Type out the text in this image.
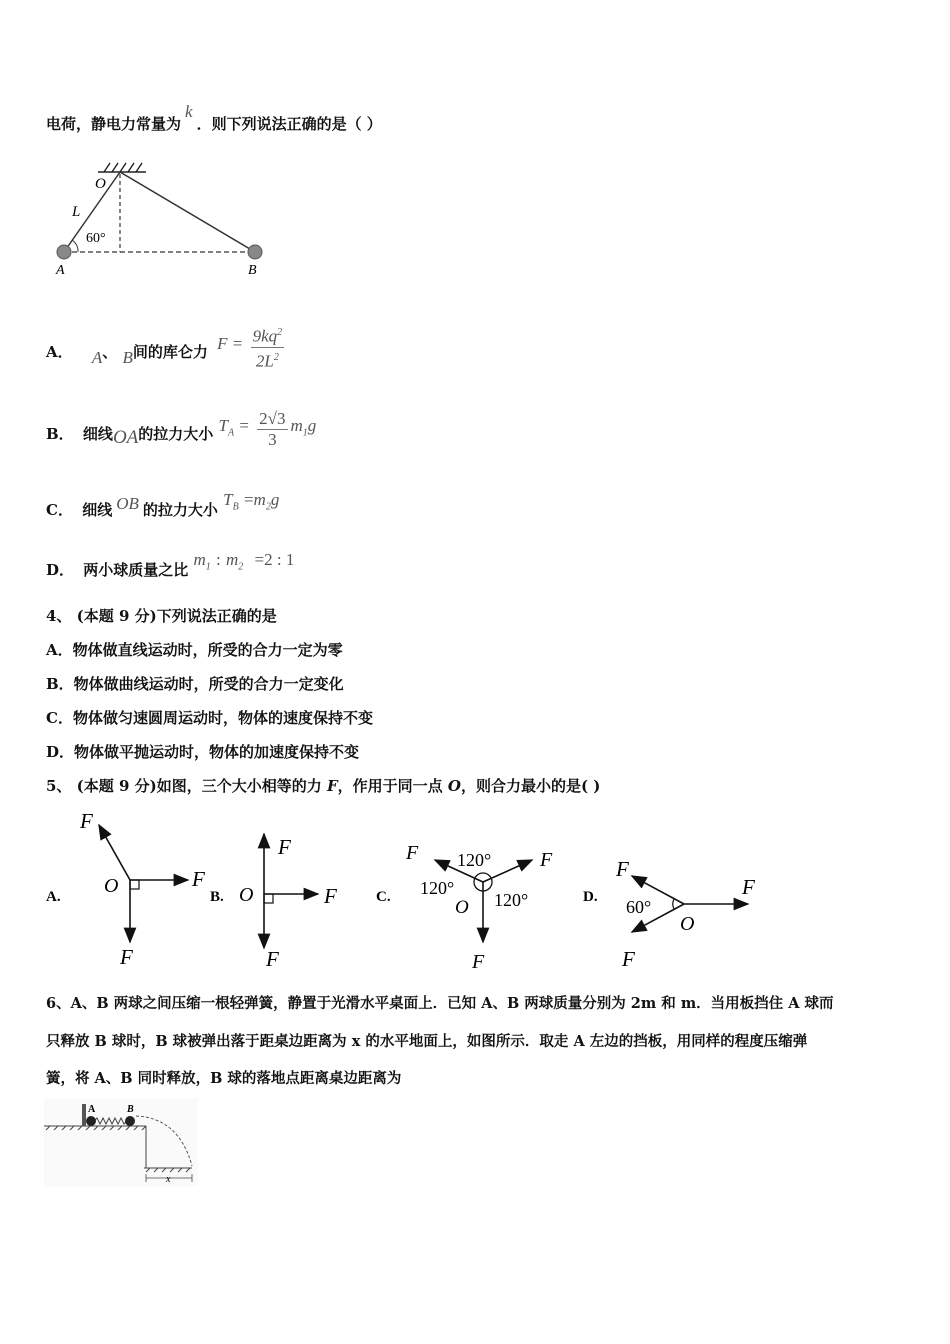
电荷，静电力常量为k．则下列说法正确的是（ ）
O
L
60°
A	B
A． A、 B间的库仑力 $F = \frac{9kq^2}{2L^2}$
B． 细线OA的拉力大小 $T_A = \frac{2√3}{3} m_1g$
C． 细线 OB 的拉力大小 $T_B =m_2g$
D． 两小球质量之比 $m_1$ : $m_2 =2$ : 1
4、 (本题 9 分)下列说法正确的是
A．物体做直线运动时，所受的合力一定为零
B．物体做曲线运动时，所受的合力一定变化
C．物体做匀速圆周运动时，物体的速度保持不变
D．物体做平抛运动时，物体的加速度保持不变
5、 (本题 9 分)如图，三个大小相等的力 F，作用于同一点 O，则合力最小的是( )
A.
F
F
F
O	B.
F
F
F
O	C.
F	F
F
O
120°
120°
120°	D.
F
F
F
O
60°
6、A、B 两球之间压缩一根轻弹簧，静置于光滑水平桌面上．已知 A、B 两球质量分别为 2m 和 m．当用板挡住 A 球而
只释放 B 球时，B 球被弹出落于距桌边距离为 x 的水平地面上，如图所示．取走 A 左边的挡板，用同样的程度压缩弹
簧，将 A、B 同时释放，B 球的落地点距离桌边距离为
A	B
x
